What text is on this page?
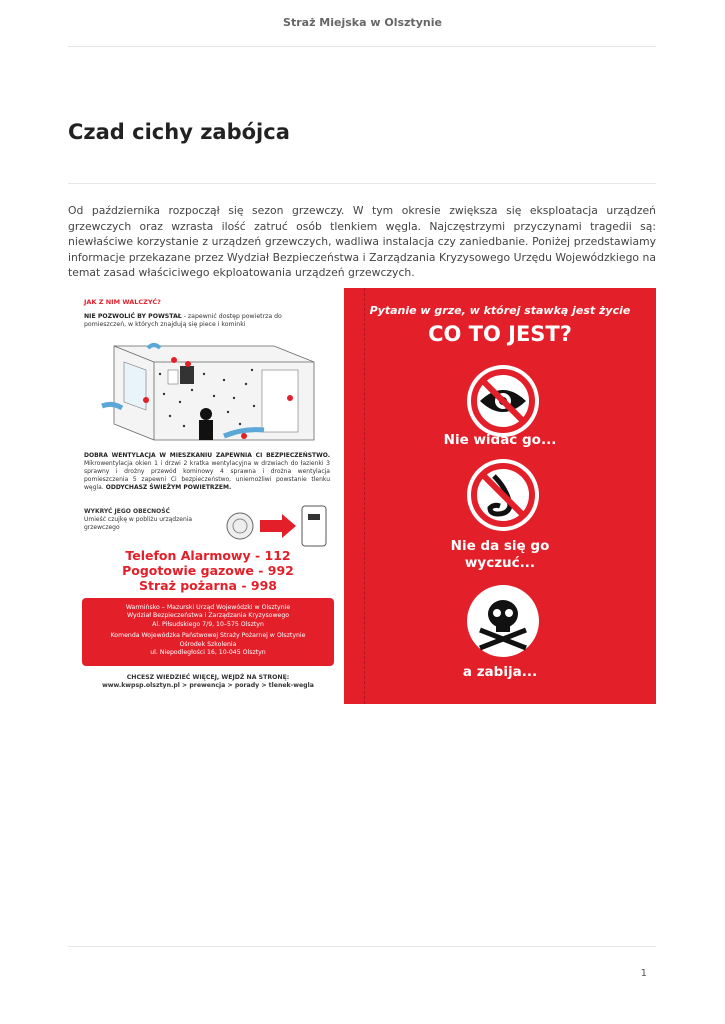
Straż Miejska w Olsztynie
Czad cichy zabójca

Od października rozpoczął się sezon grzewczy. W tym okresie zwiększa się eksploatacja urządzeń grzewczych oraz wzrasta ilość zatruć osób tlenkiem węgla. Najczęstrzymi przyczynami tragedii są: niewłaściwe korzystanie z urządzeń grzewczych, wadliwa instalacja czy zaniedbanie. Poniżej przedstawiamy informacje przekazane przez Wydział Bezpieczeństwa i Zarządzania Kryzysowego Urzędu Wojewódzkiego na temat zasad właściciwego ekploatowania urządzeń grzewczych.

JAK Z NIM WALCZYĆ?
NIE POZWOLIĆ BY POWSTAŁ - zapewnić dostęp powietrza do pomieszczeń, w których znajdują się piece i kominki
DOBRA WENTYLACJA W MIESZKANIU ZAPEWNIA CI BEZPIECZEŃSTWO. Mikrowentylacja okien 1 i drzwi 2 kratka wentylacyjna w drzwiach do łazienki 3 sprawny i drożny przewód kominowy 4 sprawna i drożna wentylacja pomieszczenia 5 zapewni Ci bezpieczeństwo, uniemożliwi powstanie tlenku węgla. ODDYCHASZ ŚWIEŻYM POWIETRZEM.
WYKRYĆ JEGO OBECNOŚĆ
Umieść czujkę w pobliżu urządzenia grzewczego
Telefon Alarmowy - 112
Pogotowie gazowe - 992
Straż pożarna - 998
Warmińsko – Mazurski Urząd Wojewódzki w Olsztynie
Wydział Bezpieczeństwa i Zarządzania Kryzysowego
Al. Piłsudskiego 7/9, 10–575 Olsztyn
Komenda Wojewódzka Państwowej Straży Pożarnej w Olsztynie
Ośrodek Szkolenia
ul. Niepodległości 16, 10-045 Olsztyn
CHCESZ WIEDZIEĆ WIĘCEJ, WEJDŹ NA STRONĘ:
www.kwpsp.olsztyn.pl > prewencja > porady > tlenek-wegla
Pytanie w grze, w której stawką jest życie
CO TO JEST?
Nie widać go...
Nie da się go
wyczuć...
a zabija...
1
